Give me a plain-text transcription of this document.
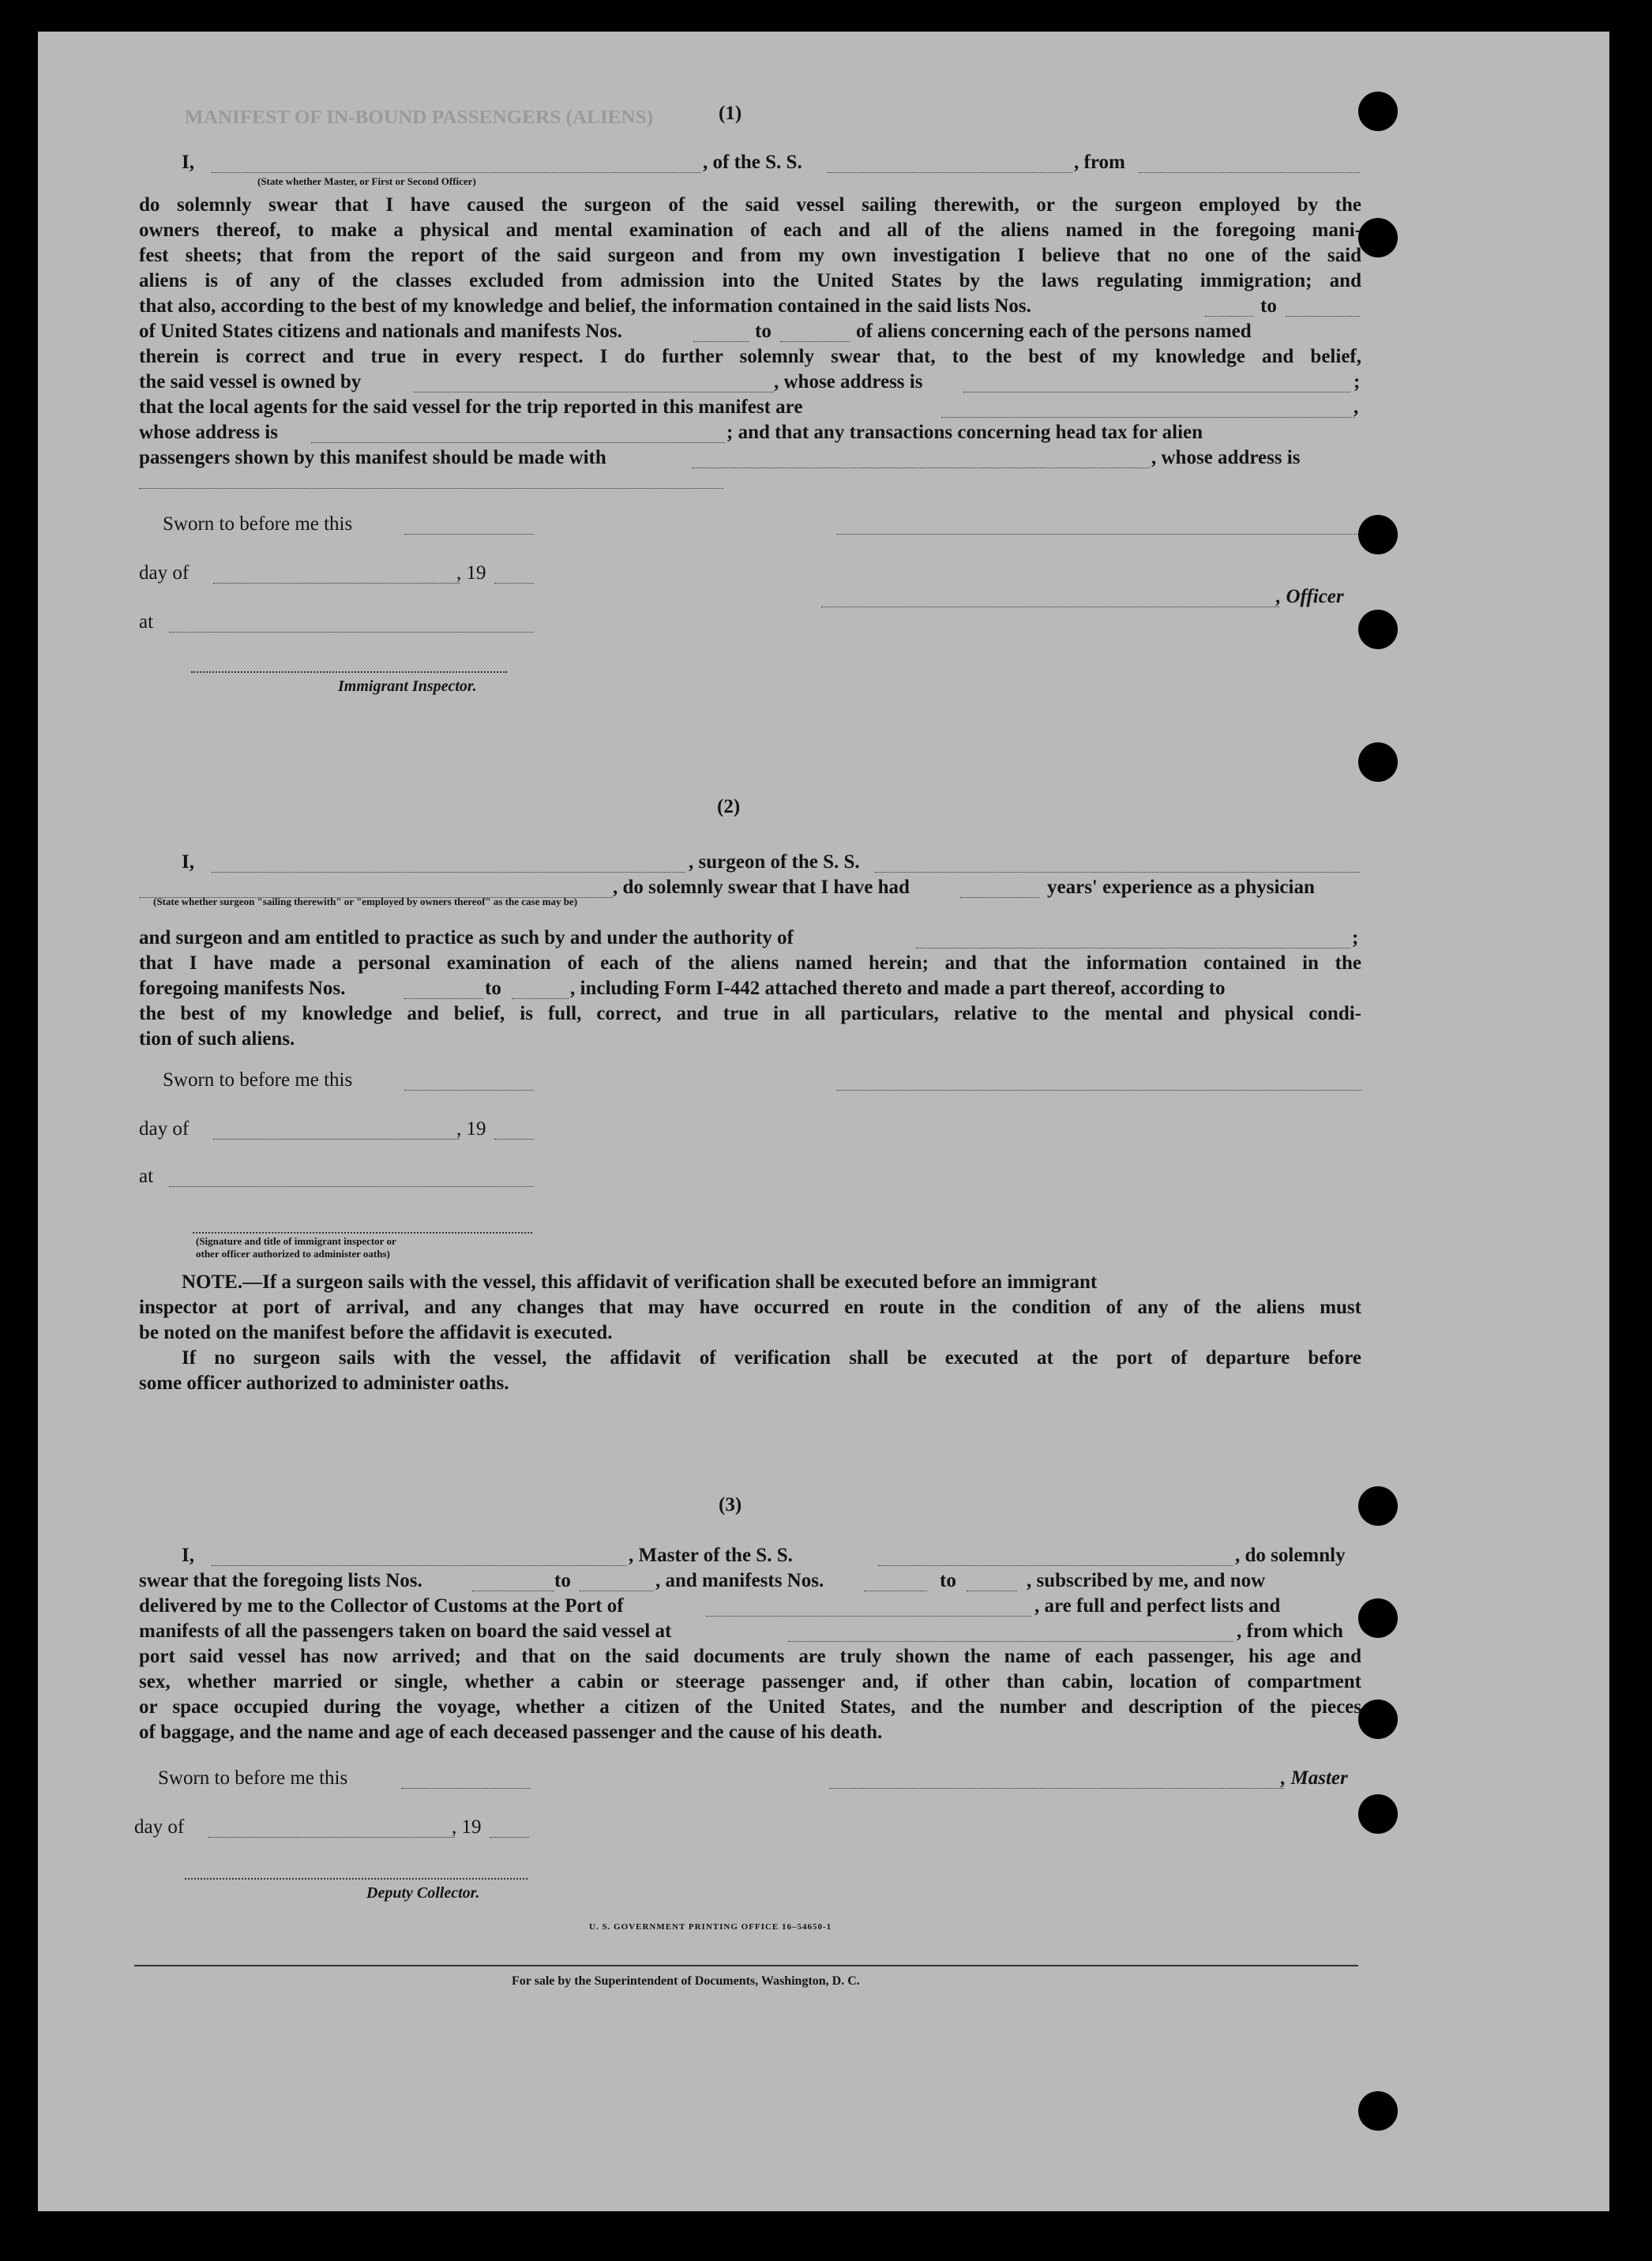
MANIFEST OF IN-BOUND PASSENGERS (ALIENS)	(1)
I,	, of the S. S.	, from
(State whether Master, or First or Second Officer)
do solemnly swear that I have caused the surgeon of the said vessel sailing therewith, or the surgeon employed by the
owners thereof, to make a physical and mental examination of each and all of the aliens named in the foregoing mani-
fest sheets; that from the report of the said surgeon and from my own investigation I believe that no one of the said
aliens is of any of the classes excluded from admission into the United States by the laws regulating immigration; and
that also, according to the best of my knowledge and belief, the information contained in the said lists Nos.	to
of United States citizens and nationals and manifests Nos.	to	of aliens concerning each of the persons named
therein is correct and true in every respect. I do further solemnly swear that, to the best of my knowledge and belief,
the said vessel is owned by	, whose address is	;
that the local agents for the said vessel for the trip reported in this manifest are	,
whose address is	; and that any transactions concerning head tax for alien
passengers shown by this manifest should be made with	, whose address is
Sworn to before me this
day of	, 19
, Officer
at
Immigrant Inspector.
(2)
I,	, surgeon of the S. S.
, do solemnly swear that I have had	years' experience as a physician
(State whether surgeon "sailing therewith" or "employed by owners thereof" as the case may be)
and surgeon and am entitled to practice as such by and under the authority of	;
that I have made a personal examination of each of the aliens named herein; and that the information contained in the
foregoing manifests Nos.	to	, including Form I-442 attached thereto and made a part thereof, according to
the best of my knowledge and belief, is full, correct, and true in all particulars, relative to the mental and physical condi-
tion of such aliens.
Sworn to before me this
day of	, 19
at
(Signature and title of immigrant inspector or
other officer authorized to administer oaths)
NOTE.—If a surgeon sails with the vessel, this affidavit of verification shall be executed before an immigrant
inspector at port of arrival, and any changes that may have occurred en route in the condition of any of the aliens must
be noted on the manifest before the affidavit is executed.
If no surgeon sails with the vessel, the affidavit of verification shall be executed at the port of departure before
some officer authorized to administer oaths.
(3)
I,	, Master of the S. S.	, do solemnly
swear that the foregoing lists Nos.	to	, and manifests Nos.	to	, subscribed by me, and now
delivered by me to the Collector of Customs at the Port of	, are full and perfect lists and
manifests of all the passengers taken on board the said vessel at	, from which
port said vessel has now arrived; and that on the said documents are truly shown the name of each passenger, his age and
sex, whether married or single, whether a cabin or steerage passenger and, if other than cabin, location of compartment
or space occupied during the voyage, whether a citizen of the United States, and the number and description of the pieces
of baggage, and the name and age of each deceased passenger and the cause of his death.
Sworn to before me this	, Master
day of	, 19
Deputy Collector.
U. S. GOVERNMENT PRINTING OFFICE 16–54650-1
For sale by the Superintendent of Documents, Washington, D. C.
